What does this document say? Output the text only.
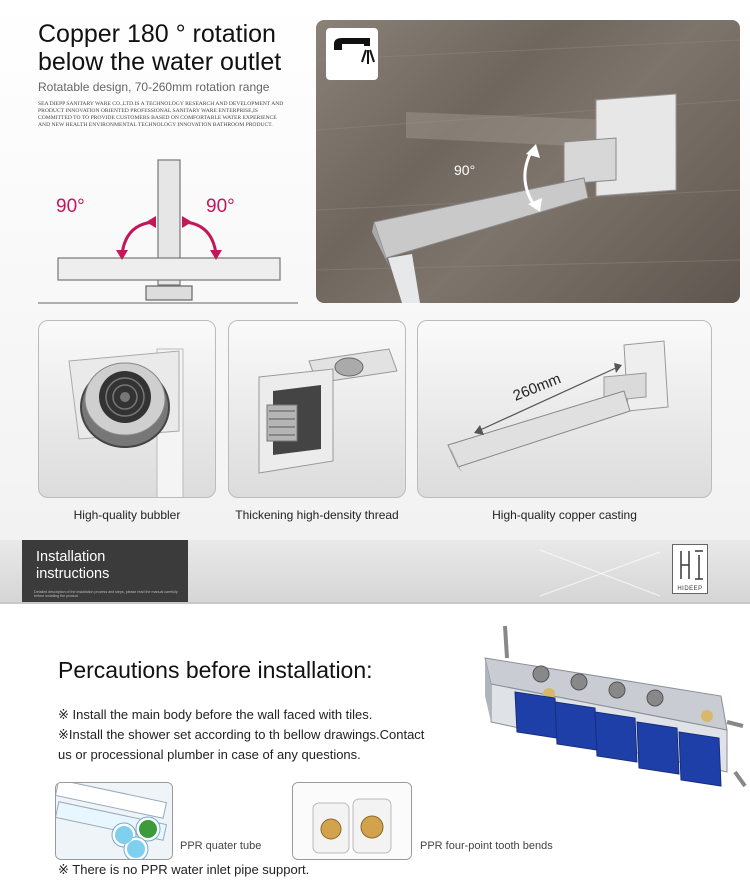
Copper 180 ° rotation
below the water outlet
Rotatable design, 70-260mm rotation range
SEA DIEPP SANITARY WARE CO.,LTD.IS A TECHNOLOGY RESEARCH AND DEVELOPMENT AND PRODUCT INNOVATION ORIENTED PROFESSIONAL SANITARY WARE ENTERPRISE,IS COMMITTED TO TO PROVIDE CUSTOMERS BASED ON COMFORTABLE WATER EXPERIENCE AND NEW HEALTH ENVIRONMENTAL TECHNOLOGY INNOVATION BATHROOM PRODUCT.
90°	90°
90°
260mm
High-quality bubbler	Thickening high-density thread	High-quality copper casting
Installation
instructions
Detailed description of the installation process and steps, please read the manual carefully before installing the product
HIDEEP
Percautions before installation:
※ Install the main body before the wall faced with tiles.
※Install the shower set according to th bellow drawings.Contact
us or processional plumber in case of any questions.
PPR quater tube	PPR four-point tooth bends
※ There is no PPR water inlet pipe support.
